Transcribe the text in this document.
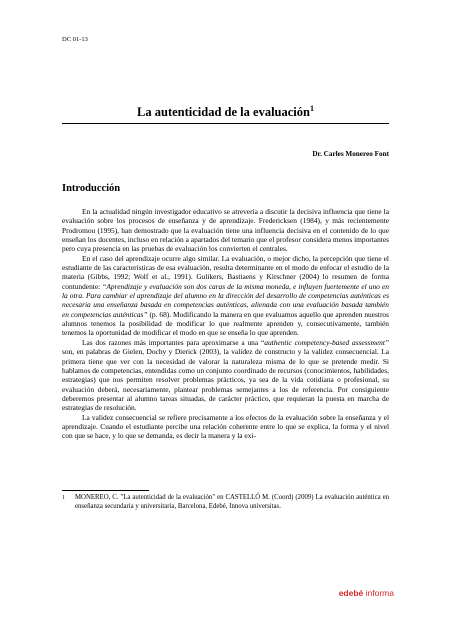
DC 01-13
La autenticidad de la evaluación$^1$
Dr. Carles Monereo Font
Introducción

En la actualidad ningún investigador educativo se atrevería a discutir la decisiva influencia que tiene la evaluación sobre los procesos de enseñanza y de aprendizaje. Fredericksen (1984), y más recientemente Prodromou (1995), han demostrado que la evaluación tiene una influencia decisiva en el contenido de lo que enseñan los docentes, incluso en relación a apartados del temario que el profesor considera menos importantes pero cuya presencia en las pruebas de evaluación los convierten el centrales.

En el caso del aprendizaje ocurre algo similar. La evaluación, o mejor dicho, la percepción que tiene el estudiante de las características de esa evaluación, resulta determinante en el modo de enfocar el estudio de la materia (Gibbs, 1992; Wolf et al., 1991). Gulikers, Bastiaens y Kirschner (2004) lo resumen de forma contundente: “Aprendizaje y evaluación son dos caras de la misma moneda, e influyen fuertemente el uno en la otra. Para cambiar el aprendizaje del alumno en la dirección del desarrollo de competencias auténticas es necesaria una enseñanza basada en competencias auténticas, alienada con una evaluación basada también en competencias auténticas” (p. 68). Modificando la manera en que evaluamos aquello que aprenden nuestros alumnos tenemos la posibilidad de modificar lo que realmente aprenden y, consecutivamente, también tenemos la oportunidad de modificar el modo en que se enseña lo que aprenden.

Las dos razones más importantes para aproximarse a una “authentic competency-based assessment” son, en palabras de Gielen, Dochy y Dierick (2003), la validez de constructo y la validez consecuencial. La primera tiene que ver con la necesidad de valorar la naturaleza misma de lo que se pretende medir. Si hablamos de competencias, entendidas como un conjunto coordinado de recursos (conocimientos, habilidades, estrategias) que nos permiten resolver problemas prácticos, ya sea de la vida cotidiana o profesional, su evaluación deberá, necesariamente, plantear problemas semejantes a los de referencia. Por consiguiente deberemos presentar al alumno tareas situadas, de carácter práctico, que requieran la puesta en marcha de estrategias de resolución.

La validez consecuencial se refiere precisamente a los efectos de la evaluación sobre la enseñanza y el aprendizaje. Cuando el estudiante percibe una relación coherente entre lo que se explica, la forma y el nivel con que se hace, y lo que se demanda, es decir la manera y la exi-

1 MONEREO, C. "La autenticidad de la evaluación" en CASTELLÓ M. (Coord) (2009) La evaluación auténtica en enseñanza secundaria y universitaria, Barcelona, Edebé, Innova universitas.
edebé informa
